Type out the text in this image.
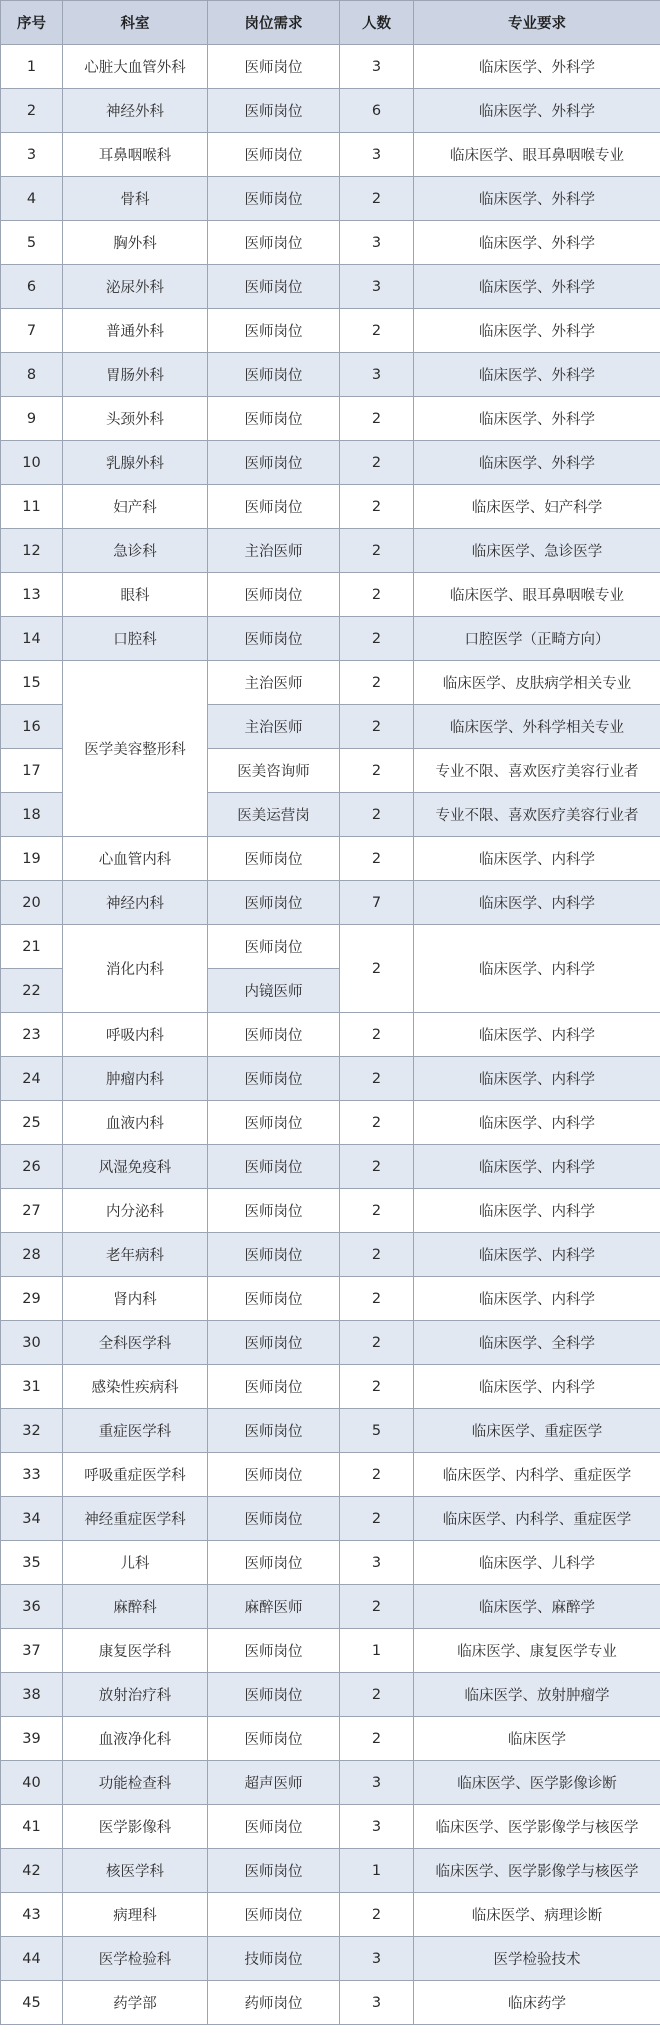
序号	科室	岗位需求	人数	专业要求
1	心脏大血管外科	医师岗位	3	临床医学、外科学
2	神经外科	医师岗位	6	临床医学、外科学
3	耳鼻咽喉科	医师岗位	3	临床医学、眼耳鼻咽喉专业
4	骨科	医师岗位	2	临床医学、外科学
5	胸外科	医师岗位	3	临床医学、外科学
6	泌尿外科	医师岗位	3	临床医学、外科学
7	普通外科	医师岗位	2	临床医学、外科学
8	胃肠外科	医师岗位	3	临床医学、外科学
9	头颈外科	医师岗位	2	临床医学、外科学
10	乳腺外科	医师岗位	2	临床医学、外科学
11	妇产科	医师岗位	2	临床医学、妇产科学
12	急诊科	主治医师	2	临床医学、急诊医学
13	眼科	医师岗位	2	临床医学、眼耳鼻咽喉专业
14	口腔科	医师岗位	2	口腔医学（正畸方向）
15	医学美容整形科	主治医师	2	临床医学、皮肤病学相关专业
16		主治医师	2	临床医学、外科学相关专业
17		医美咨询师	2	专业不限、喜欢医疗美容行业者
18		医美运营岗	2	专业不限、喜欢医疗美容行业者
19	心血管内科	医师岗位	2	临床医学、内科学
20	神经内科	医师岗位	7	临床医学、内科学
21	消化内科	医师岗位	2	临床医学、内科学
22		内镜医师		
23	呼吸内科	医师岗位	2	临床医学、内科学
24	肿瘤内科	医师岗位	2	临床医学、内科学
25	血液内科	医师岗位	2	临床医学、内科学
26	风湿免疫科	医师岗位	2	临床医学、内科学
27	内分泌科	医师岗位	2	临床医学、内科学
28	老年病科	医师岗位	2	临床医学、内科学
29	肾内科	医师岗位	2	临床医学、内科学
30	全科医学科	医师岗位	2	临床医学、全科学
31	感染性疾病科	医师岗位	2	临床医学、内科学
32	重症医学科	医师岗位	5	临床医学、重症医学
33	呼吸重症医学科	医师岗位	2	临床医学、内科学、重症医学
34	神经重症医学科	医师岗位	2	临床医学、内科学、重症医学
35	儿科	医师岗位	3	临床医学、儿科学
36	麻醉科	麻醉医师	2	临床医学、麻醉学
37	康复医学科	医师岗位	1	临床医学、康复医学专业
38	放射治疗科	医师岗位	2	临床医学、放射肿瘤学
39	血液净化科	医师岗位	2	临床医学
40	功能检查科	超声医师	3	临床医学、医学影像诊断
41	医学影像科	医师岗位	3	临床医学、医学影像学与核医学
42	核医学科	医师岗位	1	临床医学、医学影像学与核医学
43	病理科	医师岗位	2	临床医学、病理诊断
44	医学检验科	技师岗位	3	医学检验技术
45	药学部	药师岗位	3	临床药学
